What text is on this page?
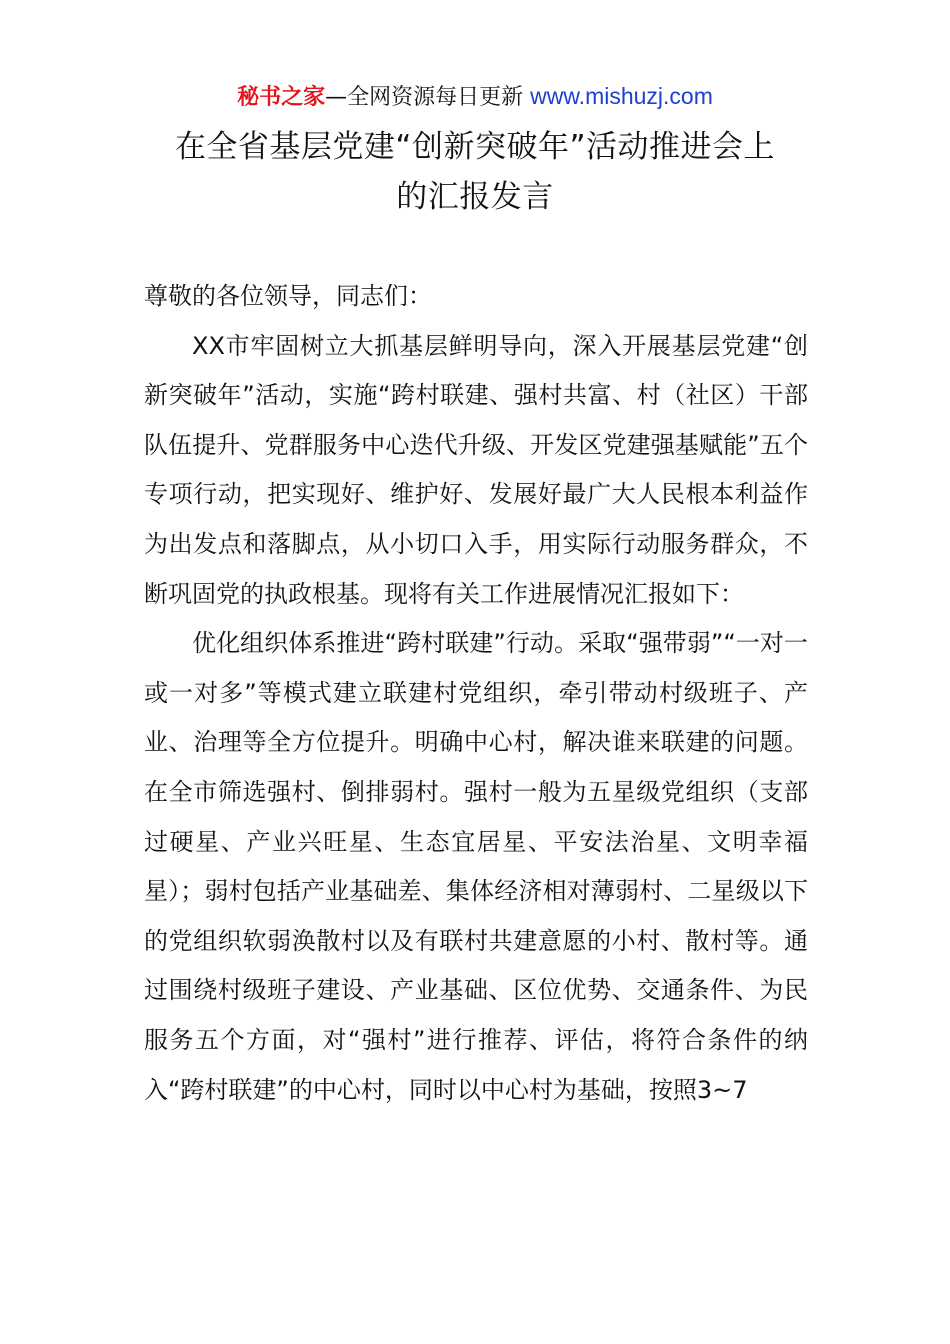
秘书之家—全网资源每日更新 www.mishuzj.com
在全省基层党建“创新突破年”活动推进会上
的汇报发言

尊敬的各位领导，同志们：

XX市牢固树立大抓基层鲜明导向，深入开展基层党建“创新突破年”活动，实施“跨村联建、强村共富、村（社区）干部队伍提升、党群服务中心迭代升级、开发区党建强基赋能”五个专项行动，把实现好、维护好、发展好最广大人民根本利益作为出发点和落脚点，从小切口入手，用实际行动服务群众，不断巩固党的执政根基。现将有关工作进展情况汇报如下：

优化组织体系推进“跨村联建”行动。采取“强带弱”“一对一或一对多”等模式建立联建村党组织，牵引带动村级班子、产业、治理等全方位提升。明确中心村，解决谁来联建的问题。在全市筛选强村、倒排弱村。强村一般为五星级党组织（支部过硬星、产业兴旺星、生态宜居星、平安法治星、文明幸福星）；弱村包括产业基础差、集体经济相对薄弱村、二星级以下的党组织软弱涣散村以及有联村共建意愿的小村、散村等。通过围绕村级班子建设、产业基础、区位优势、交通条件、为民服务五个方面，对“强村”进行推荐、评估，将符合条件的纳入“跨村联建”的中心村，同时以中心村为基础，按照3~7
